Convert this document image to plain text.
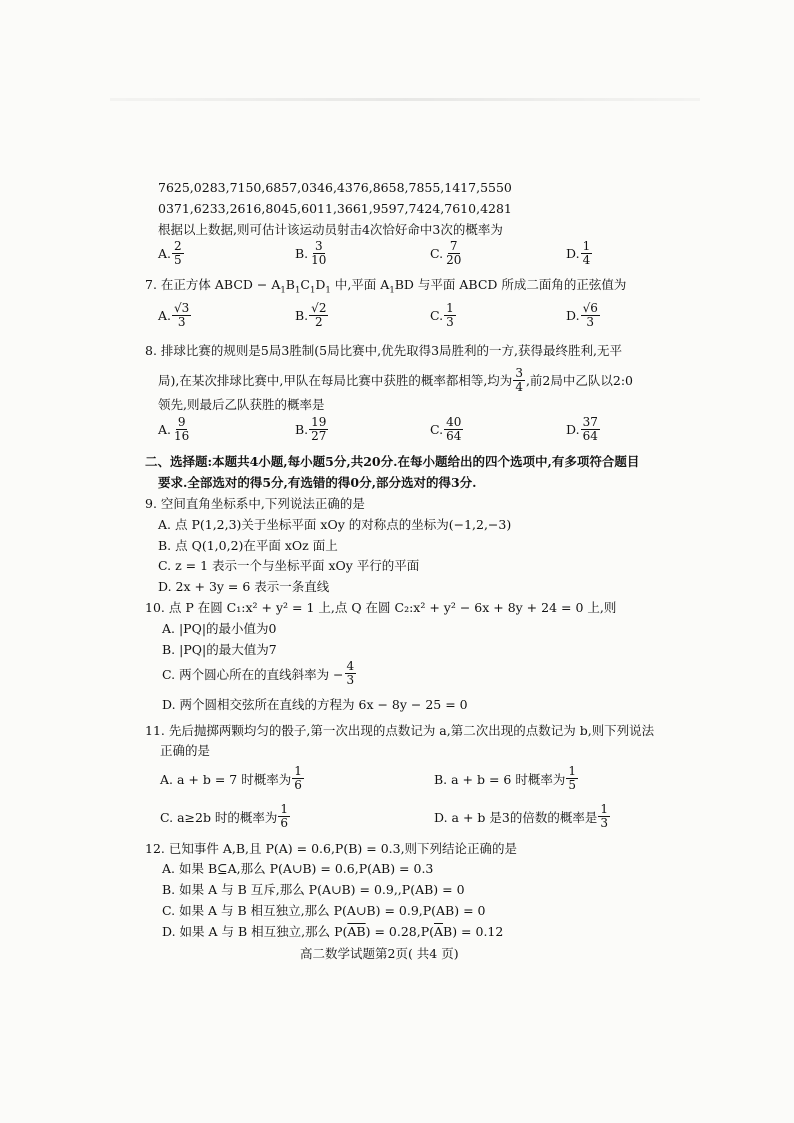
7625,0283,7150,6857,0346,4376,8658,7855,1417,5550
0371,6233,2616,8045,6011,3661,9597,7424,7610,4281
根据以上数据,则可估计该运动员射击4次恰好命中3次的概率为
A. 2
5	B. 3
10	C. 7
20	D. 1
4
7. 在正方体 ABCD − $A_1B_1C_1D_1$ 中,平面 $A_1BD$ 与平面 ABCD 所成二面角的正弦值为
A. √3
3	B. √2
2	C. 1
3	D. √6
3
8. 排球比赛的规则是5局3胜制(5局比赛中,优先取得3局胜利的一方,获得最终胜利,无平
局),在某次排球比赛中,甲队在每局比赛中获胜的概率都相等,均为 3
4 ,前2局中乙队以2:0
领先,则最后乙队获胜的概率是
A. 9
16	B. 19
27	C. 40
64	D. 37
64
二、选择题:本题共4小题,每小题5分,共20分.在每小题给出的四个选项中,有多项符合题目
要求.全部选对的得5分,有选错的得0分,部分选对的得3分.
9. 空间直角坐标系中,下列说法正确的是
A. 点 P(1,2,3)关于坐标平面 xOy 的对称点的坐标为(−1,2,−3)
B. 点 Q(1,0,2)在平面 xOz 面上
C. z = 1 表示一个与坐标平面 xOy 平行的平面
D. 2x + 3y = 6 表示一条直线
10. 点 P 在圆 C₁:x² + y² = 1 上,点 Q 在圆 C₂:x² + y² − 6x + 8y + 24 = 0 上,则
A. |PQ|的最小值为0
B. |PQ|的最大值为7
C. 两个圆心所在的直线斜率为 − $\frac{4}{3}$
D. 两个圆相交弦所在直线的方程为 6x − 8y − 25 = 0
11. 先后抛掷两颗均匀的骰子,第一次出现的点数记为 a,第二次出现的点数记为 b,则下列说法
正确的是
A. a + b = 7 时概率为
1
6	B. a + b = 6 时概率为
1
5
C. a≥2b 时的概率为
1
6	D. a + b 是3的倍数的概率是
1
3
12. 已知事件 A,B,且 P(A) = 0.6,P(B) = 0.3,则下列结论正确的是
A. 如果 B⊆A,那么 P(A∪B) = 0.6,P(AB) = 0.3
B. 如果 A 与 B 互斥,那么 P(A∪B) = 0.9,,P(AB) = 0
C. 如果 A 与 B 相互独立,那么 P(A∪B) = 0.9,P(AB) = 0
D. 如果 A 与 B 相互独立,那么 $P(\overline{AB}) = 0.28,P(\overline{A}B) = 0.12$
高二数学试题第2页( 共4 页)
